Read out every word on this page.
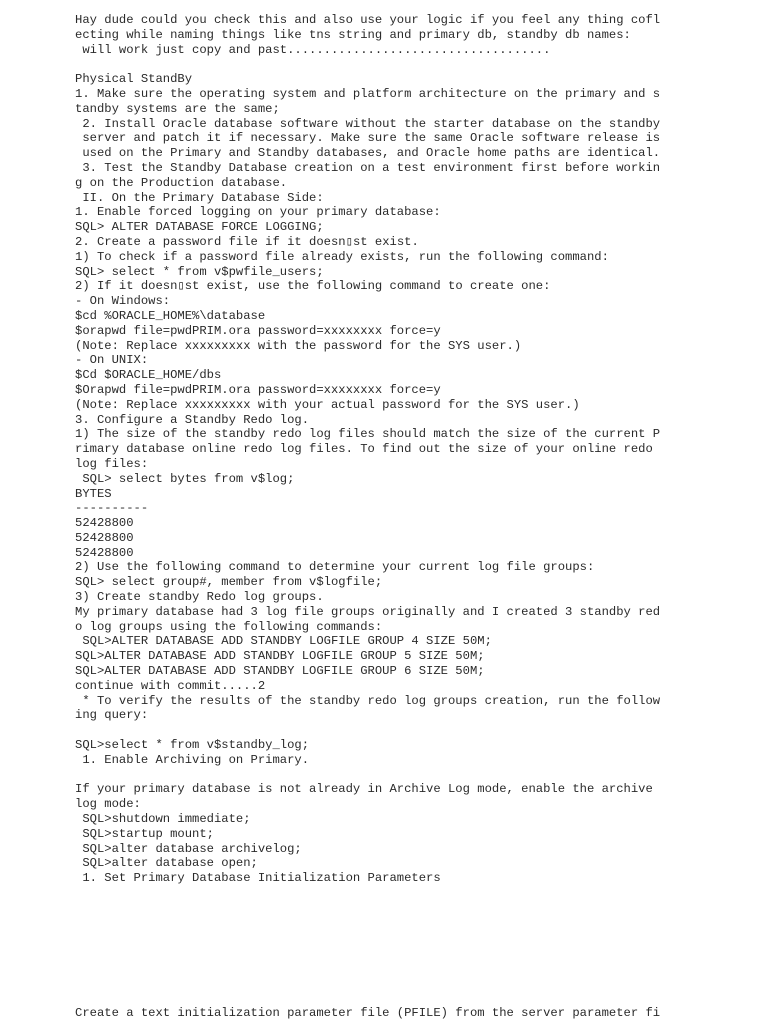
Hay dude could you check this and also use your logic if you feel any thing cofl
ecting while naming things like tns string and primary db, standby db names:
will work just copy and past....................................
Physical StandBy
1. Make sure the operating system and platform architecture on the primary and s
tandby systems are the same;
2. Install Oracle database software without the starter database on the standby
server and patch it if necessary. Make sure the same Oracle software release is
used on the Primary and Standby databases, and Oracle home paths are identical.
3. Test the Standby Database creation on a test environment first before workin
g on the Production database.
II. On the Primary Database Side:
1. Enable forced logging on your primary database:
SQL> ALTER DATABASE FORCE LOGGING;
2. Create a password file if it doesn▯st exist.
1) To check if a password file already exists, run the following command:
SQL> select * from v$pwfile_users;
2) If it doesn▯st exist, use the following command to create one:
- On Windows:
$cd %ORACLE_HOME%\database
$orapwd file=pwdPRIM.ora password=xxxxxxxx force=y
(Note: Replace xxxxxxxxx with the password for the SYS user.)
- On UNIX:
$Cd $ORACLE_HOME/dbs
$Orapwd file=pwdPRIM.ora password=xxxxxxxx force=y
(Note: Replace xxxxxxxxx with your actual password for the SYS user.)
3. Configure a Standby Redo log.
1) The size of the standby redo log files should match the size of the current P
rimary database online redo log files. To find out the size of your online redo
log files:
SQL> select bytes from v$log;
BYTES
----------
52428800
52428800
52428800
2) Use the following command to determine your current log file groups:
SQL> select group#, member from v$logfile;
3) Create standby Redo log groups.
My primary database had 3 log file groups originally and I created 3 standby red
o log groups using the following commands:
SQL>ALTER DATABASE ADD STANDBY LOGFILE GROUP 4 SIZE 50M;
SQL>ALTER DATABASE ADD STANDBY LOGFILE GROUP 5 SIZE 50M;
SQL>ALTER DATABASE ADD STANDBY LOGFILE GROUP 6 SIZE 50M;
continue with commit.....2
* To verify the results of the standby redo log groups creation, run the follow
ing query:
SQL>select * from v$standby_log;
1. Enable Archiving on Primary.
If your primary database is not already in Archive Log mode, enable the archive
log mode:
SQL>shutdown immediate;
SQL>startup mount;
SQL>alter database archivelog;
SQL>alter database open;
1. Set Primary Database Initialization Parameters
Create a text initialization parameter file (PFILE) from the server parameter fi
